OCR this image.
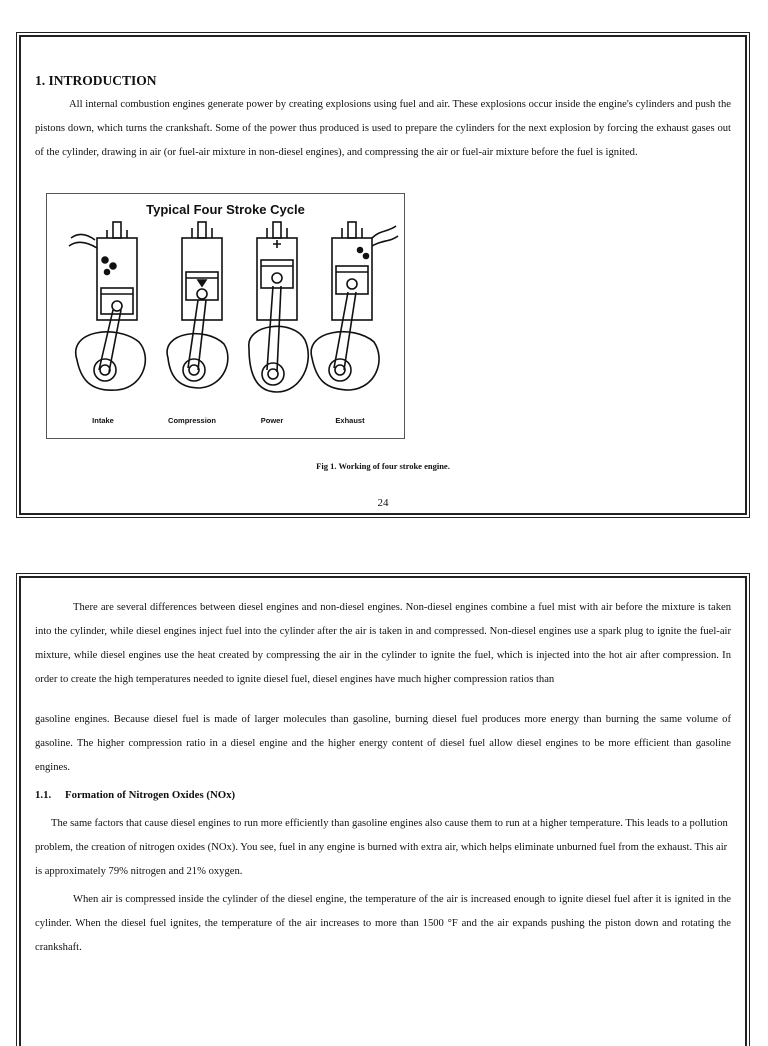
1. INTRODUCTION

All internal combustion engines generate power by creating explosions using fuel and air. These explosions occur inside the engine's cylinders and push the pistons down, which turns the crankshaft. Some of the power thus produced is used to prepare the cylinders for the next explosion by forcing the exhaust gases out of the cylinder, drawing in air (or fuel-air mixture in non-diesel engines), and compressing the air or fuel-air mixture before the fuel is ignited.

Typical Four Stroke Cycle
Intake	Compression	Power	Exhaust
Fig 1. Working of four stroke engine.
24

There are several differences between diesel engines and non-diesel engines. Non-diesel engines combine a fuel mist with air before the mixture is taken into the cylinder, while diesel engines inject fuel into the cylinder after the air is taken in and compressed. Non-diesel engines use a spark plug to ignite the fuel-air mixture, while diesel engines use the heat created by compressing the air in the cylinder to ignite the fuel, which is injected into the hot air after compression. In order to create the high temperatures needed to ignite diesel fuel, diesel engines have much higher compression ratios than

gasoline engines. Because diesel fuel is made of larger molecules than gasoline, burning diesel fuel produces more energy than burning the same volume of gasoline. The higher compression ratio in a diesel engine and the higher energy content of diesel fuel allow diesel engines to be more efficient than gasoline engines.

1.1. Formation of Nitrogen Oxides (NOx)

The same factors that cause diesel engines to run more efficiently than gasoline engines also cause them to run at a higher temperature. This leads to a pollution problem, the creation of nitrogen oxides (NOx). You see, fuel in any engine is burned with extra air, which helps eliminate unburned fuel from the exhaust. This air is approximately 79% nitrogen and 21% oxygen.

When air is compressed inside the cylinder of the diesel engine, the temperature of the air is increased enough to ignite diesel fuel after it is ignited in the cylinder. When the diesel fuel ignites, the temperature of the air increases to more than 1500 °F and the air expands pushing the piston down and rotating the crankshaft.
